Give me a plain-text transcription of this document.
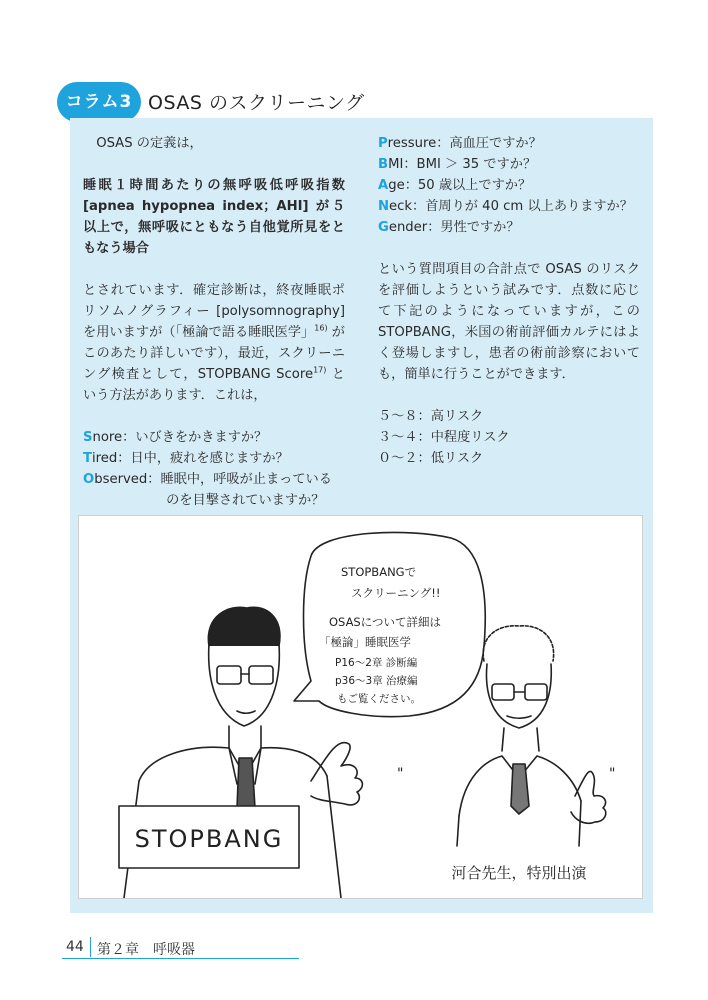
コラム3 OSAS のスクリーニング

OSAS の定義は，

睡眠１時間あたりの無呼吸低呼吸指数 [apnea hypopnea index；AHI] が５以上で，無呼吸にともなう自他覚所見をともなう場合

とされています．確定診断は，終夜睡眠ポリソムノグラフィー [polysomnography] を用いますが（「極論で語る睡眠医学」$^{16)}$ がこのあたり詳しいです），最近，スクリーニング検査として，STOPBANG Score$^{17)}$ という方法があります．これは，

Snore：いびきをかきますか？

Tired：日中，疲れを感じますか？

Observed：睡眠中，呼吸が止まっているのを目撃されていますか？

Pressure：高血圧ですか？

BMI：BMI ＞ 35 ですか？

Age：50 歳以上ですか？

Neck：首周りが 40 cm 以上ありますか？

Gender：男性ですか？

という質問項目の合計点で OSAS のリスクを評価しようという試みです．点数に応じて下記のようになっていますが，この STOPBANG，米国の術前評価カルテにはよく登場しますし，患者の術前診察においても，簡単に行うことができます．

５～８：高リスク

３～４：中程度リスク

０～２：低リスク

STOPBANGで
スクリーニング!!
OSASについて詳細は
「極論」睡眠医学
P16～2章 診断編
p36～3章 治療編
もご覧ください。
STOPBANG
"	"
河合先生，特別出演
44 第２章　呼吸器
